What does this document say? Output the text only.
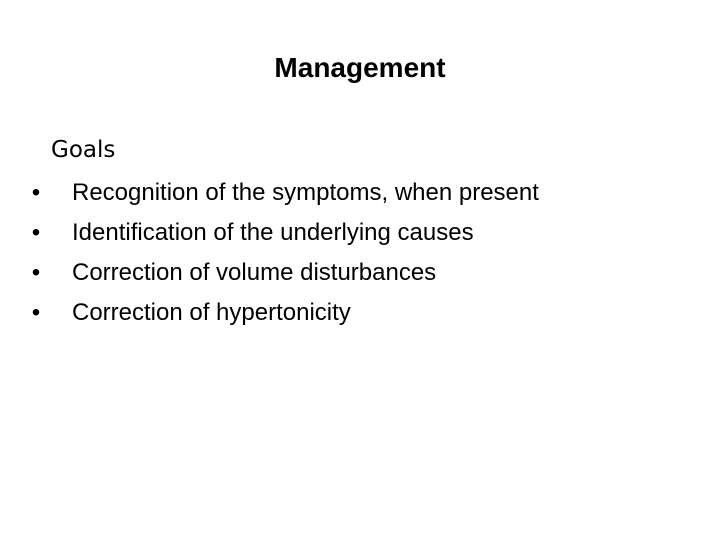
Management
Goals
• Recognition of the symptoms, when present
• Identification of the underlying causes
• Correction of volume disturbances
• Correction of hypertonicity
